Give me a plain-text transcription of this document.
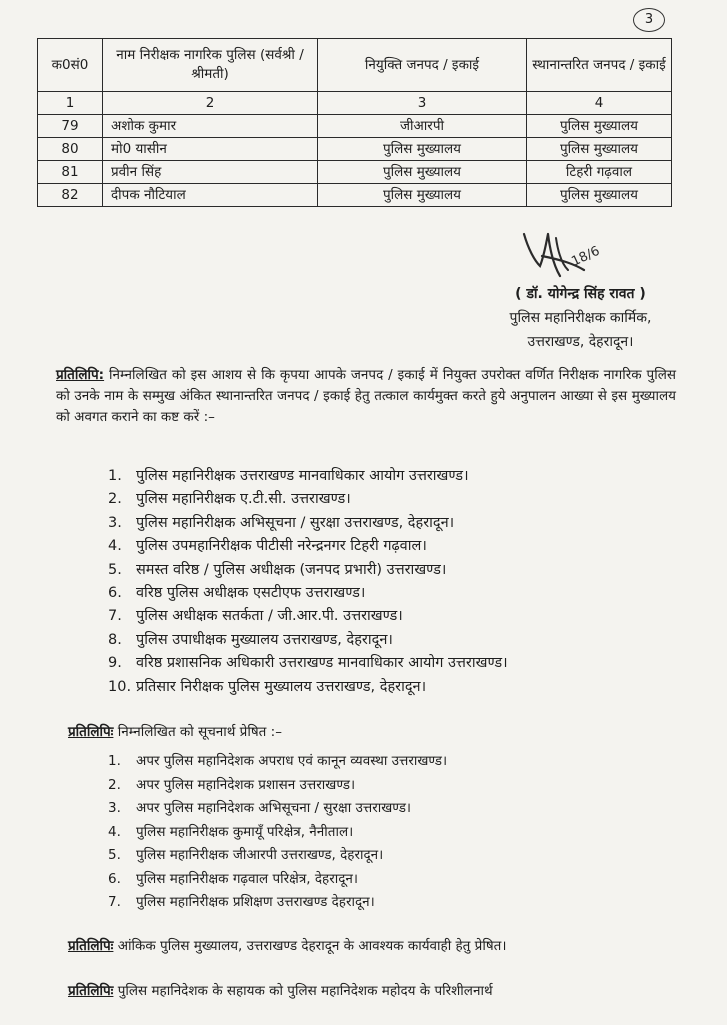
3
क0सं0	नाम निरीक्षक नागरिक पुलिस (सर्वश्री / श्रीमती)	नियुक्ति जनपद / इकाई	स्थानान्तरित जनपद / इकाई
1	2	3	4
79	अशोक कुमार	जीआरपी	पुलिस मुख्यालय
80	मो0 यासीन	पुलिस मुख्यालय	पुलिस मुख्यालय
81	प्रवीन सिंह	पुलिस मुख्यालय	टिहरी गढ़वाल
82	दीपक नौटियाल	पुलिस मुख्यालय	पुलिस मुख्यालय
18/6
( डॉ. योगेन्द्र सिंह रावत )
पुलिस महानिरीक्षक कार्मिक,
उत्तराखण्ड, देहरादून।
प्रतिलिपि: निम्नलिखित को इस आशय से कि कृपया आपके जनपद / इकाई में नियुक्त उपरोक्त वर्णित निरीक्षक नागरिक पुलिस को उनके नाम के सम्मुख अंकित स्थानान्तरित जनपद / इकाई हेतु तत्काल कार्यमुक्त करते हुये अनुपालन आख्या से इस मुख्यालय को अवगत कराने का कष्ट करें :–
1. पुलिस महानिरीक्षक उत्तराखण्ड मानवाधिकार आयोग उत्तराखण्ड।
2. पुलिस महानिरीक्षक ए.टी.सी. उत्तराखण्ड।
3. पुलिस महानिरीक्षक अभिसूचना / सुरक्षा उत्तराखण्ड, देहरादून।
4. पुलिस उपमहानिरीक्षक पीटीसी नरेन्द्रनगर टिहरी गढ़वाल।
5. समस्त वरिष्ठ / पुलिस अधीक्षक (जनपद प्रभारी) उत्तराखण्ड।
6. वरिष्ठ पुलिस अधीक्षक एसटीएफ उत्तराखण्ड।
7. पुलिस अधीक्षक सतर्कता / जी.आर.पी. उत्तराखण्ड।
8. पुलिस उपाधीक्षक मुख्यालय उत्तराखण्ड, देहरादून।
9. वरिष्ठ प्रशासनिक अधिकारी उत्तराखण्ड मानवाधिकार आयोग उत्तराखण्ड।
10. प्रतिसार निरीक्षक पुलिस मुख्यालय उत्तराखण्ड, देहरादून।
प्रतिलिपिः निम्नलिखित को सूचनार्थ प्रेषित :–
1. अपर पुलिस महानिदेशक अपराध एवं कानून व्यवस्था उत्तराखण्ड।
2. अपर पुलिस महानिदेशक प्रशासन उत्तराखण्ड।
3. अपर पुलिस महानिदेशक अभिसूचना / सुरक्षा उत्तराखण्ड।
4. पुलिस महानिरीक्षक कुमायूँ परिक्षेत्र, नैनीताल।
5. पुलिस महानिरीक्षक जीआरपी उत्तराखण्ड, देहरादून।
6. पुलिस महानिरीक्षक गढ़वाल परिक्षेत्र, देहरादून।
7. पुलिस महानिरीक्षक प्रशिक्षण उत्तराखण्ड देहरादून।
प्रतिलिपिः आंकिक पुलिस मुख्यालय, उत्तराखण्ड देहरादून के आवश्यक कार्यवाही हेतु प्रेषित।
प्रतिलिपिः पुलिस महानिदेशक के सहायक को पुलिस महानिदेशक महोदय के परिशीलनार्थ
